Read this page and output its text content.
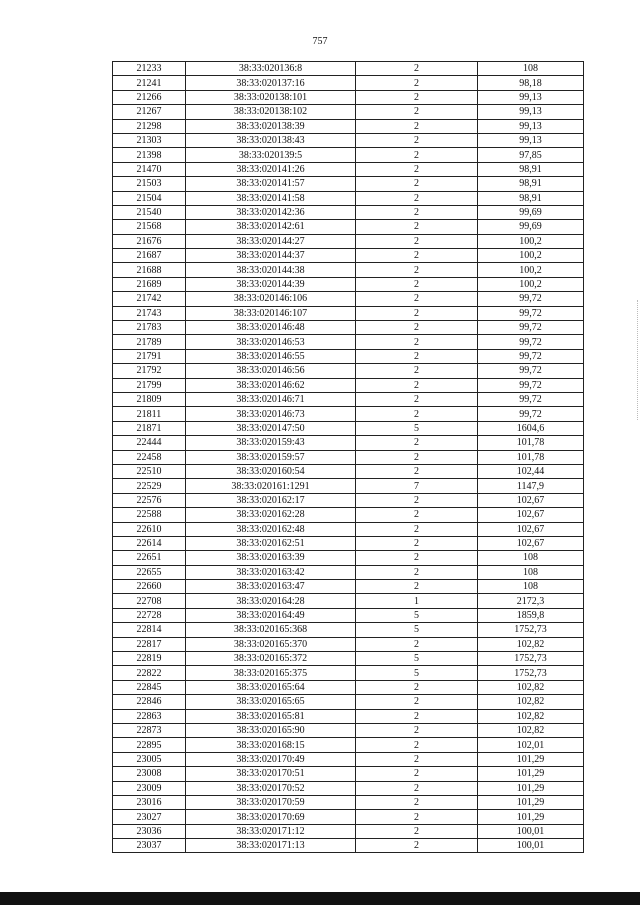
757
21233	38:33:020136:8	2	108
21241	38:33:020137:16	2	98,18
21266	38:33:020138:101	2	99,13
21267	38:33:020138:102	2	99,13
21298	38:33:020138:39	2	99,13
21303	38:33:020138:43	2	99,13
21398	38:33:020139:5	2	97,85
21470	38:33:020141:26	2	98,91
21503	38:33:020141:57	2	98,91
21504	38:33:020141:58	2	98,91
21540	38:33:020142:36	2	99,69
21568	38:33:020142:61	2	99,69
21676	38:33:020144:27	2	100,2
21687	38:33:020144:37	2	100,2
21688	38:33:020144:38	2	100,2
21689	38:33:020144:39	2	100,2
21742	38:33:020146:106	2	99,72
21743	38:33:020146:107	2	99,72
21783	38:33:020146:48	2	99,72
21789	38:33:020146:53	2	99,72
21791	38:33:020146:55	2	99,72
21792	38:33:020146:56	2	99,72
21799	38:33:020146:62	2	99,72
21809	38:33:020146:71	2	99,72
21811	38:33:020146:73	2	99,72
21871	38:33:020147:50	5	1604,6
22444	38:33:020159:43	2	101,78
22458	38:33:020159:57	2	101,78
22510	38:33:020160:54	2	102,44
22529	38:33:020161:1291	7	1147,9
22576	38:33:020162:17	2	102,67
22588	38:33:020162:28	2	102,67
22610	38:33:020162:48	2	102,67
22614	38:33:020162:51	2	102,67
22651	38:33:020163:39	2	108
22655	38:33:020163:42	2	108
22660	38:33:020163:47	2	108
22708	38:33:020164:28	1	2172,3
22728	38:33:020164:49	5	1859,8
22814	38:33:020165:368	5	1752,73
22817	38:33:020165:370	2	102,82
22819	38:33:020165:372	5	1752,73
22822	38:33:020165:375	5	1752,73
22845	38:33:020165:64	2	102,82
22846	38:33:020165:65	2	102,82
22863	38:33:020165:81	2	102,82
22873	38:33:020165:90	2	102,82
22895	38:33:020168:15	2	102,01
23005	38:33:020170:49	2	101,29
23008	38:33:020170:51	2	101,29
23009	38:33:020170:52	2	101,29
23016	38:33:020170:59	2	101,29
23027	38:33:020170:69	2	101,29
23036	38:33:020171:12	2	100,01
23037	38:33:020171:13	2	100,01
